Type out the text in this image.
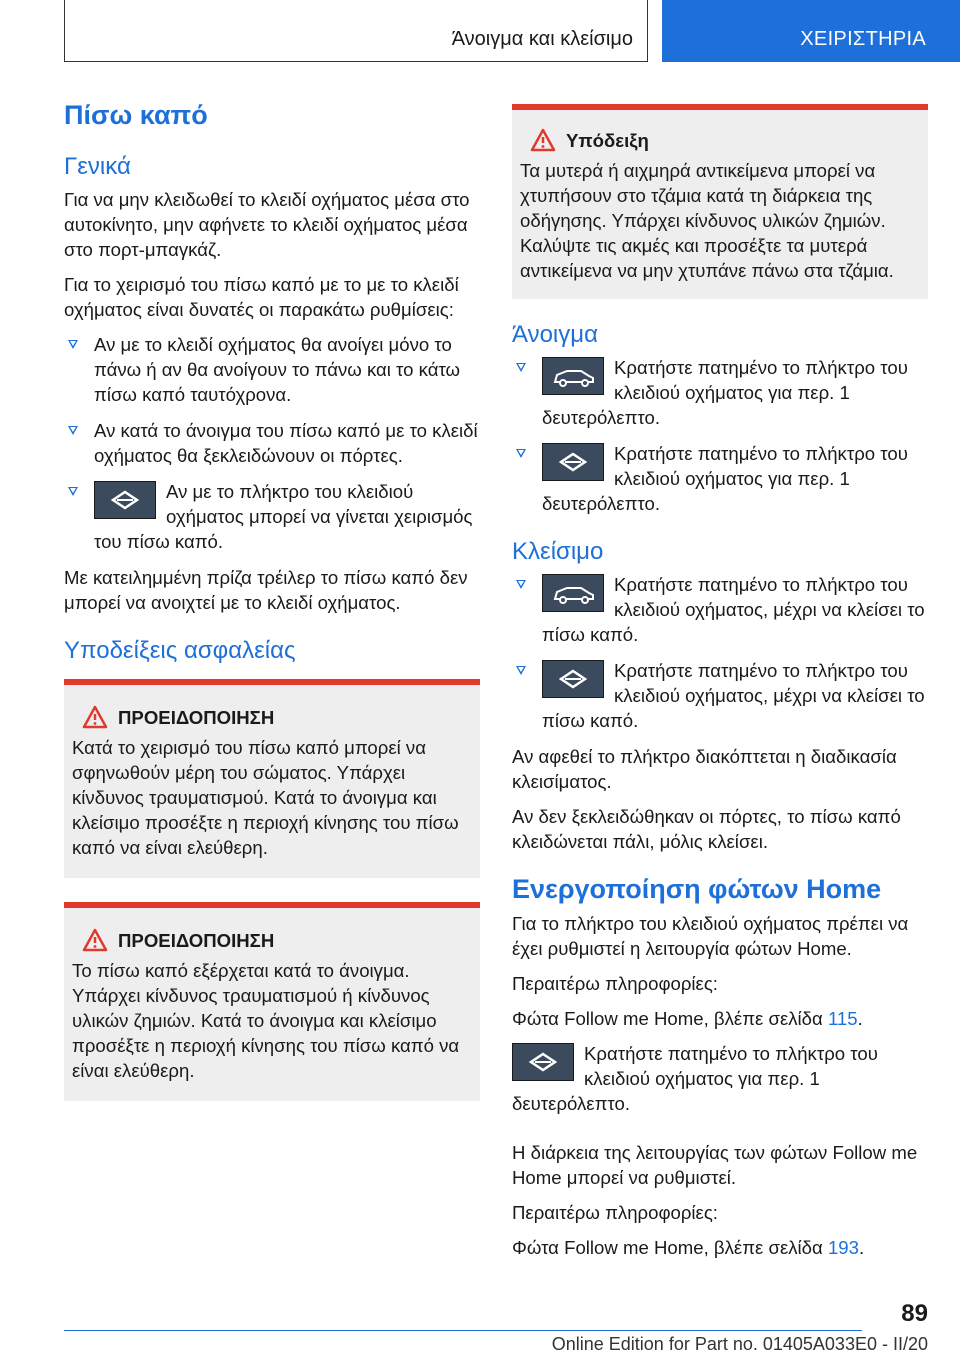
Άνοιγμα και κλείσιμο	ΧΕΙΡΙΣΤΗΡΙΑ
Πίσω καπό
Γενικά

Για να μην κλειδωθεί το κλειδί οχήματος μέσα στο αυτοκίνητο, μην αφήνετε το κλειδί οχήματος μέσα στο πορτ-μπαγκάζ.

Για το χειρισμό του πίσω καπό με το με το κλειδί οχήματος είναι δυνατές οι παρακάτω ρυθμίσεις:

Αν με το κλειδί οχήματος θα ανοίγει μόνο το πάνω ή αν θα ανοίγουν το πάνω και το κάτω πίσω καπό ταυτόχρονα.
Αν κατά το άνοιγμα του πίσω καπό με το κλειδί οχήματος θα ξεκλειδώνουν οι πόρτες.
Αν με το πλήκτρο του κλειδιού οχήματος μπορεί να γίνεται χειρισμός του πίσω καπό.

Με κατειλημμένη πρίζα τρέιλερ το πίσω καπό δεν μπορεί να ανοιχτεί με το κλειδί οχήματος.

Υποδείξεις ασφαλείας
ΠΡΟΕΙΔΟΠΟΙΗΣΗ

Κατά το χειρισμό του πίσω καπό μπορεί να σφηνωθούν μέρη του σώματος. Υπάρχει κίνδυνος τραυματισμού. Κατά το άνοιγμα και κλείσιμο προσέξτε η περιοχή κίνησης του πίσω καπό να είναι ελεύθερη.

ΠΡΟΕΙΔΟΠΟΙΗΣΗ

Το πίσω καπό εξέρχεται κατά το άνοιγμα. Υπάρχει κίνδυνος τραυματισμού ή κίνδυνος υλικών ζημιών. Κατά το άνοιγμα και κλείσιμο προσέξτε η περιοχή κίνησης του πίσω καπό να είναι ελεύθερη.

Υπόδειξη

Τα μυτερά ή αιχμηρά αντικείμενα μπορεί να χτυπήσουν στο τζάμια κατά τη διάρκεια της οδήγησης. Υπάρχει κίνδυνος υλικών ζημιών. Καλύψτε τις ακμές και προσέξτε τα μυτερά αντικείμενα να μην χτυπάνε πάνω στα τζάμια.

Άνοιγμα
Κρατήστε πατημένο το πλήκτρο του κλειδιού οχήματος για περ. 1 δευτερόλεπτο.
Κρατήστε πατημένο το πλήκτρο του κλειδιού οχήματος για περ. 1 δευτερόλεπτο.
Κλείσιμο
Κρατήστε πατημένο το πλήκτρο του κλειδιού οχήματος, μέχρι να κλείσει το πίσω καπό.
Κρατήστε πατημένο το πλήκτρο του κλειδιού οχήματος, μέχρι να κλείσει το πίσω καπό.

Αν αφεθεί το πλήκτρο διακόπτεται η διαδικασία κλεισίματος.

Αν δεν ξεκλειδώθηκαν οι πόρτες, το πίσω καπό κλειδώνεται πάλι, μόλις κλείσει.

Ενεργοποίηση φώτων Home

Για το πλήκτρο του κλειδιού οχήματος πρέπει να έχει ρυθμιστεί η λειτουργία φώτων Home.

Περαιτέρω πληροφορίες:

Φώτα Follow me Home, βλέπε σελίδα 115.

Κρατήστε πατημένο το πλήκτρο του κλειδιού οχήματος για περ. 1 δευτερόλεπτο.

Η διάρκεια της λειτουργίας των φώτων Follow me Home μπορεί να ρυθμιστεί.

Περαιτέρω πληροφορίες:

Φώτα Follow me Home, βλέπε σελίδα 193.

89
Online Edition for Part no. 01405A033E0 - II/20
